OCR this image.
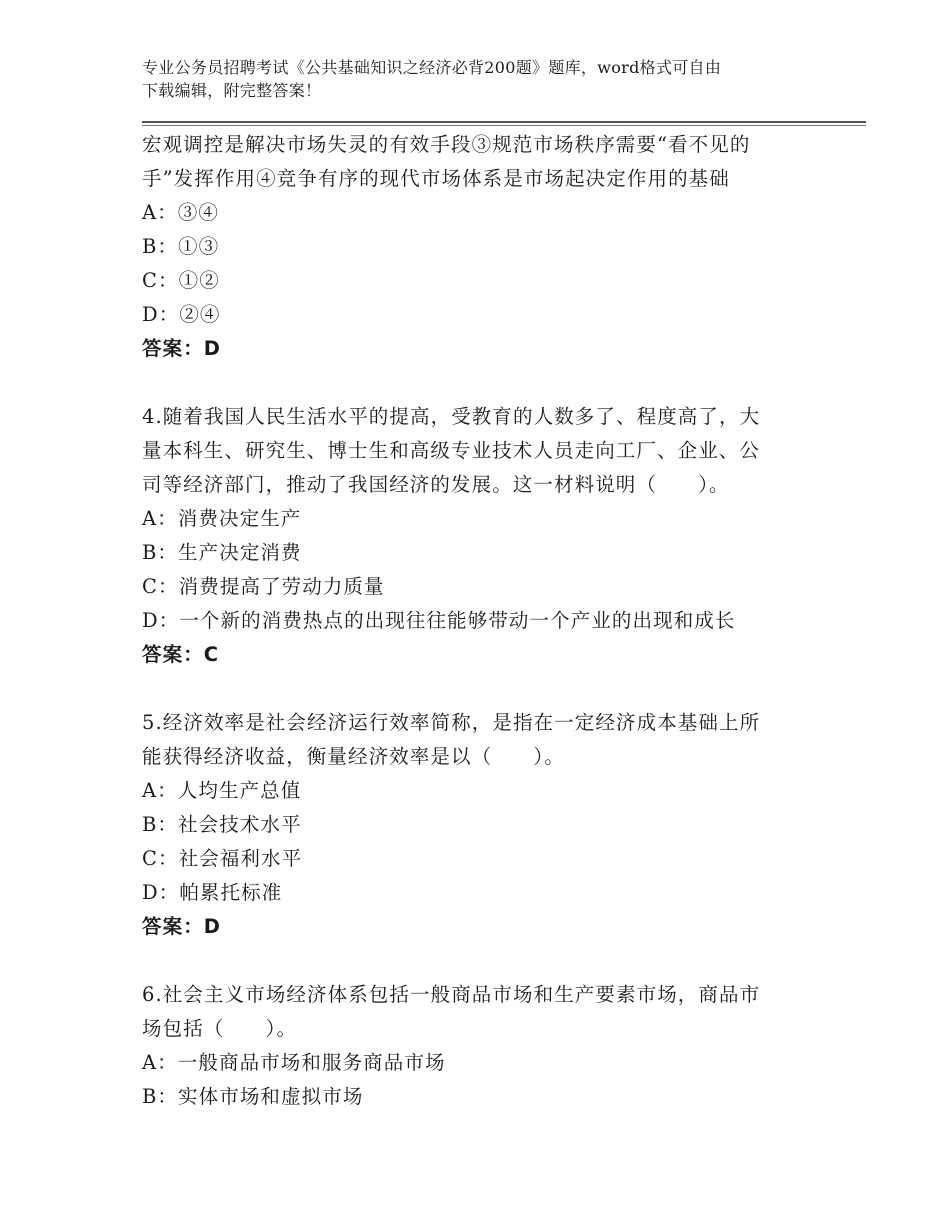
专业公务员招聘考试《公共基础知识之经济必背200题》题库，word格式可自由
下载编辑，附完整答案！
宏观调控是解决市场失灵的有效手段③规范市场秩序需要“看不见的
手”发挥作用④竞争有序的现代市场体系是市场起决定作用的基础
A：③④
B：①③
C：①②
D：②④
答案：D
4.随着我国人民生活水平的提高，受教育的人数多了、程度高了，大
量本科生、研究生、博士生和高级专业技术人员走向工厂、企业、公
司等经济部门，推动了我国经济的发展。这一材料说明（　　）。
A：消费决定生产
B：生产决定消费
C：消费提高了劳动力质量
D：一个新的消费热点的出现往往能够带动一个产业的出现和成长
答案：C
5.经济效率是社会经济运行效率简称，是指在一定经济成本基础上所
能获得经济收益，衡量经济效率是以（　　）。
A：人均生产总值
B：社会技术水平
C：社会福利水平
D：帕累托标准
答案：D
6.社会主义市场经济体系包括一般商品市场和生产要素市场，商品市
场包括（　　）。
A：一般商品市场和服务商品市场
B：实体市场和虚拟市场
